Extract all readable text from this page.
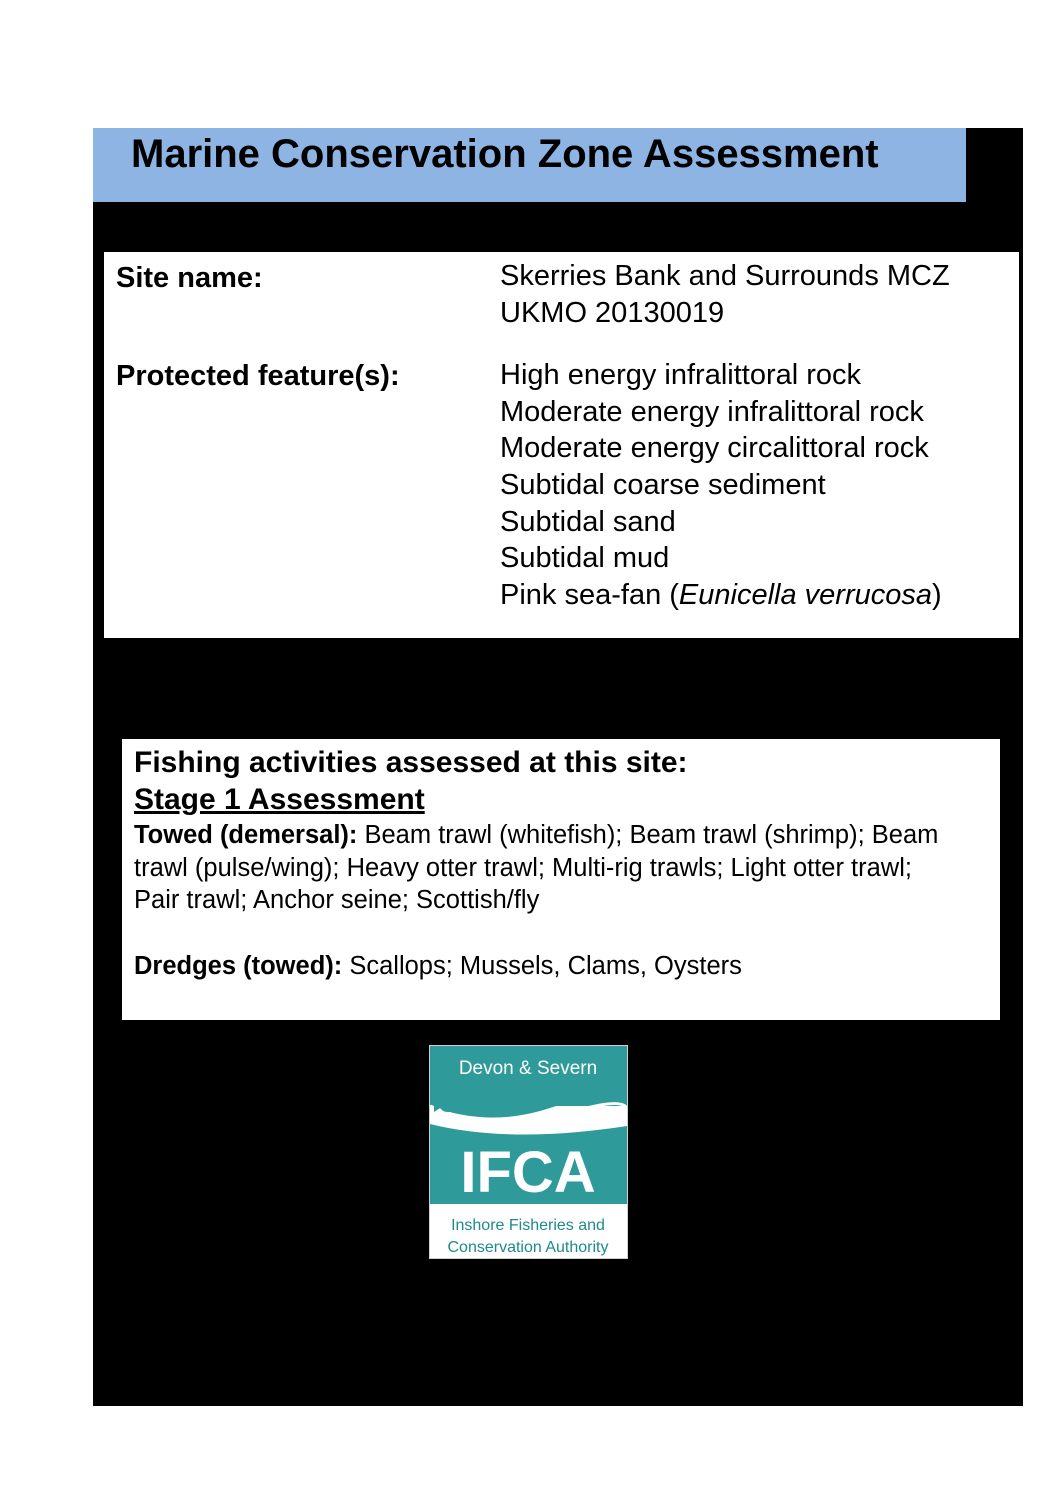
Marine Conservation Zone Assessment
Site name:	Skerries Bank and Surrounds MCZ
UKMO 20130019
Protected feature(s):	High energy infralittoral rock
Moderate energy infralittoral rock
Moderate energy circalittoral rock
Subtidal coarse sediment
Subtidal sand
Subtidal mud
Pink sea-fan (Eunicella verrucosa)
Fishing activities assessed at this site:
Stage 1 Assessment
Towed (demersal): Beam trawl (whitefish); Beam trawl (shrimp); Beam trawl (pulse/wing); Heavy otter trawl; Multi-rig trawls; Light otter trawl; Pair trawl; Anchor seine; Scottish/fly
Dredges (towed): Scallops; Mussels, Clams, Oysters
Devon & Severn
IFCA
Inshore Fisheries and
Conservation Authority
